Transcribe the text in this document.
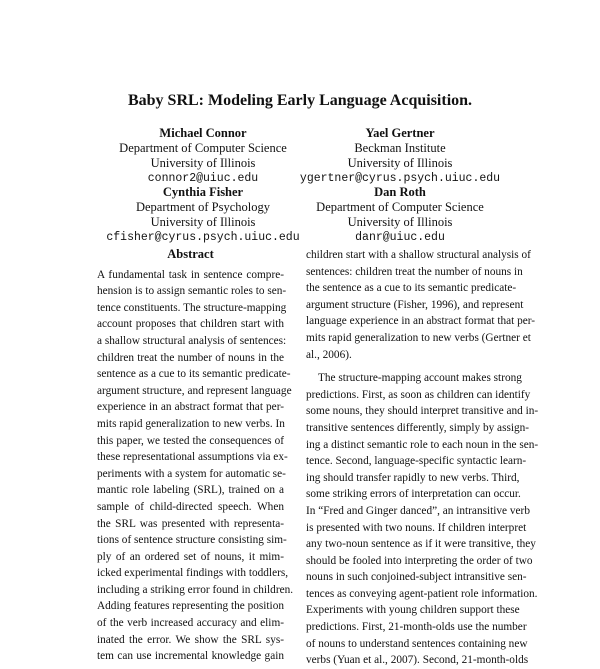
Baby SRL: Modeling Early Language Acquisition.
Michael Connor
Department of Computer Science
University of Illinois
connor2@uiuc.edu
Yael Gertner
Beckman Institute
University of Illinois
ygertner@cyrus.psych.uiuc.edu
Cynthia Fisher
Department of Psychology
University of Illinois
cfisher@cyrus.psych.uiuc.edu
Dan Roth
Department of Computer Science
University of Illinois
danr@uiuc.edu
Abstract
A fundamental task in sentence compre-
hension is to assign semantic roles to sen-
tence constituents. The structure-mapping
account proposes that children start with
a shallow structural analysis of sentences:
children treat the number of nouns in the
sentence as a cue to its semantic predicate-
argument structure, and represent language
experience in an abstract format that per-
mits rapid generalization to new verbs. In
this paper, we tested the consequences of
these representational assumptions via ex-
periments with a system for automatic se-
mantic role labeling (SRL), trained on a
sample of child-directed speech. When
the SRL was presented with representa-
tions of sentence structure consisting sim-
ply of an ordered set of nouns, it mim-
icked experimental findings with toddlers,
including a striking error found in children.
Adding features representing the position
of the verb increased accuracy and elim-
inated the error. We show the SRL sys-
tem can use incremental knowledge gain
children start with a shallow structural analysis of
sentences: children treat the number of nouns in
the sentence as a cue to its semantic predicate-
argument structure (Fisher, 1996), and represent
language experience in an abstract format that per-
mits rapid generalization to new verbs (Gertner et
al., 2006).
The structure-mapping account makes strong
predictions. First, as soon as children can identify
some nouns, they should interpret transitive and in-
transitive sentences differently, simply by assign-
ing a distinct semantic role to each noun in the sen-
tence. Second, language-specific syntactic learn-
ing should transfer rapidly to new verbs. Third,
some striking errors of interpretation can occur.
In “Fred and Ginger danced”, an intransitive verb
is presented with two nouns. If children interpret
any two-noun sentence as if it were transitive, they
should be fooled into interpreting the order of two
nouns in such conjoined-subject intransitive sen-
tences as conveying agent-patient role information.
Experiments with young children support these
predictions. First, 21-month-olds use the number
of nouns to understand sentences containing new
verbs (Yuan et al., 2007). Second, 21-month-olds
